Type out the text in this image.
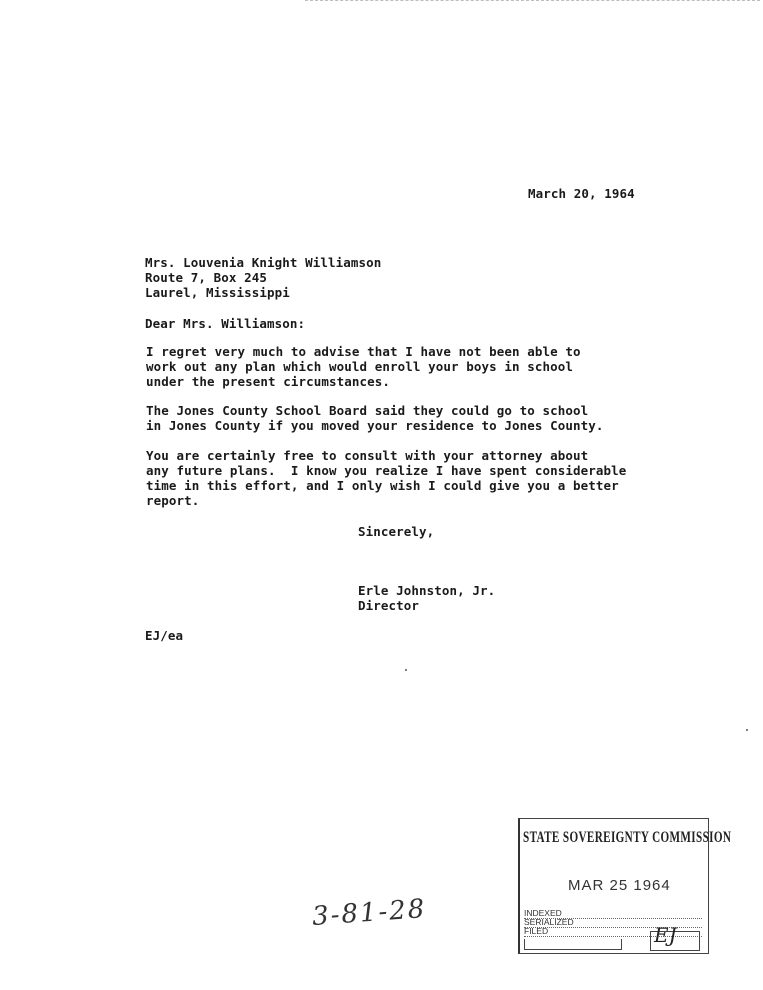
March 20, 1964
Mrs. Louvenia Knight Williamson
Route 7, Box 245
Laurel, Mississippi
Dear Mrs. Williamson:
I regret very much to advise that I have not been able to
work out any plan which would enroll your boys in school
under the present circumstances.
The Jones County School Board said they could go to school
in Jones County if you moved your residence to Jones County.
You are certainly free to consult with your attorney about
any future plans.  I know you realize I have spent considerable
time in this effort, and I only wish I could give you a better
report.
Sincerely,
Erle Johnston, Jr.
Director
EJ/ea
3-81-28
STATE SOVEREIGNTY COMMISSION
MAR 25 1964
INDEXED
SERIALIZED
FILED	EJ
